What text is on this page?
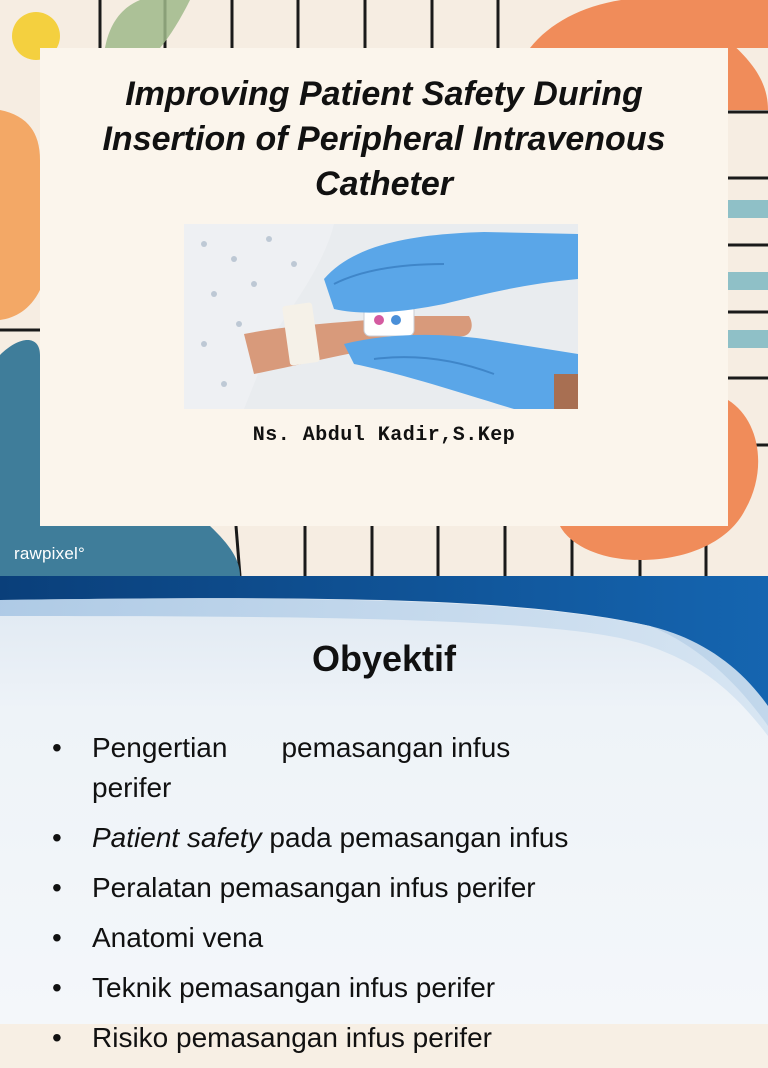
Improving Patient Safety During
Insertion of Peripheral Intravenous
Catheter
Ns. Abdul Kadir,S.Kep
rawpixel°
Obyektif
• Pengertian pemasangan infus
perifer
• Patient safety pada pemasangan infus
• Peralatan pemasangan infus perifer
• Anatomi vena
• Teknik pemasangan infus perifer
• Risiko pemasangan infus perifer
